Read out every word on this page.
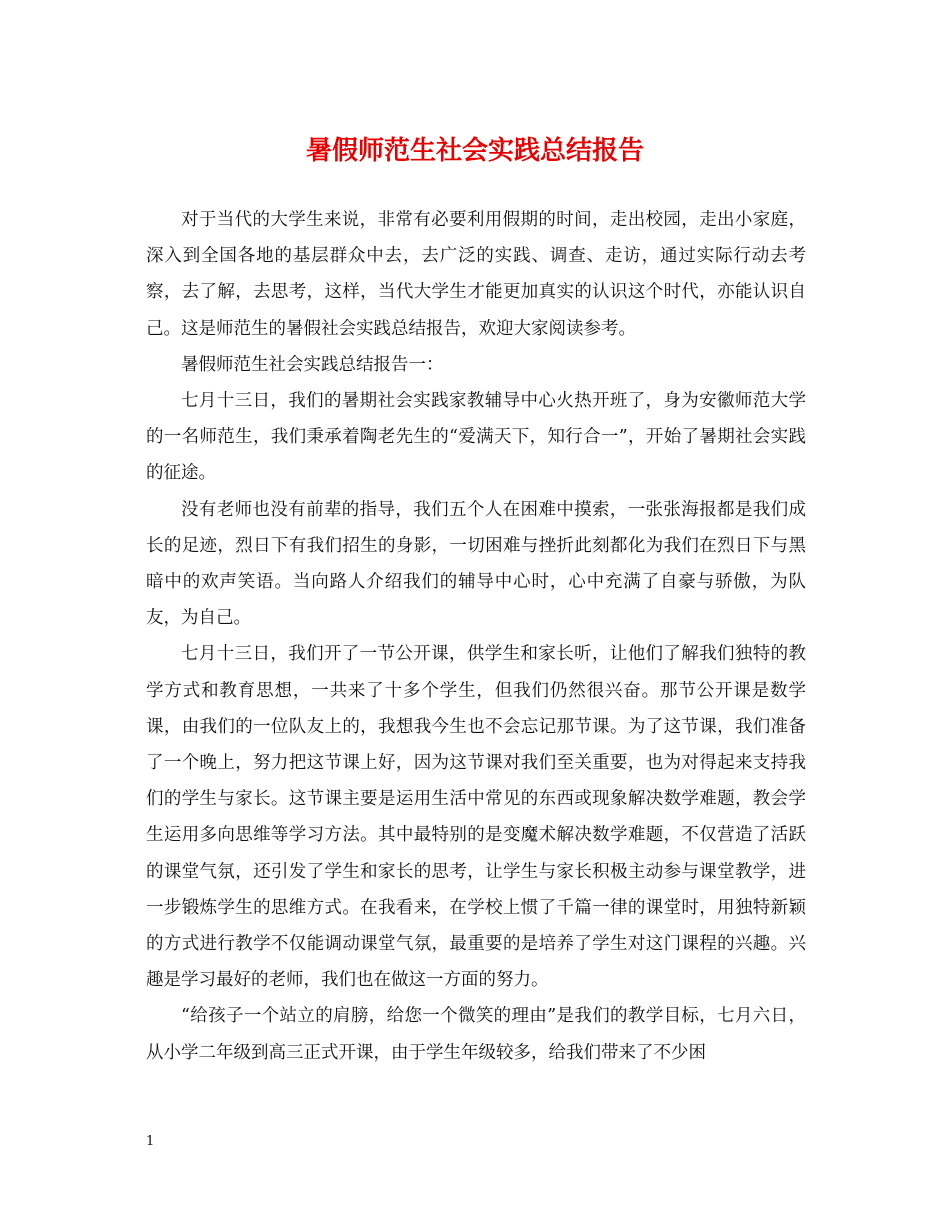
暑假师范生社会实践总结报告

对于当代的大学生来说，非常有必要利用假期的时间，走出校园，走出小家庭，深入到全国各地的基层群众中去，去广泛的实践、调查、走访，通过实际行动去考察，去了解，去思考，这样，当代大学生才能更加真实的认识这个时代，亦能认识自己。这是师范生的暑假社会实践总结报告，欢迎大家阅读参考。

暑假师范生社会实践总结报告一：

七月十三日，我们的暑期社会实践家教辅导中心火热开班了，身为安徽师范大学的一名师范生，我们秉承着陶老先生的“爱满天下，知行合一”，开始了暑期社会实践的征途。

没有老师也没有前辈的指导，我们五个人在困难中摸索，一张张海报都是我们成长的足迹，烈日下有我们招生的身影，一切困难与挫折此刻都化为我们在烈日下与黑暗中的欢声笑语。当向路人介绍我们的辅导中心时，心中充满了自豪与骄傲，为队友，为自己。

七月十三日，我们开了一节公开课，供学生和家长听，让他们了解我们独特的教学方式和教育思想，一共来了十多个学生，但我们仍然很兴奋。那节公开课是数学课，由我们的一位队友上的，我想我今生也不会忘记那节课。为了这节课，我们准备了一个晚上，努力把这节课上好，因为这节课对我们至关重要，也为对得起来支持我们的学生与家长。这节课主要是运用生活中常见的东西或现象解决数学难题，教会学生运用多向思维等学习方法。其中最特别的是变魔术解决数学难题，不仅营造了活跃的课堂气氛，还引发了学生和家长的思考，让学生与家长积极主动参与课堂教学，进一步锻炼学生的思维方式。在我看来，在学校上惯了千篇一律的课堂时，用独特新颖的方式进行教学不仅能调动课堂气氛，最重要的是培养了学生对这门课程的兴趣。兴趣是学习最好的老师，我们也在做这一方面的努力。

“给孩子一个站立的肩膀，给您一个微笑的理由”是我们的教学目标，七月六日，从小学二年级到高三正式开课，由于学生年级较多，给我们带来了不少困

1
